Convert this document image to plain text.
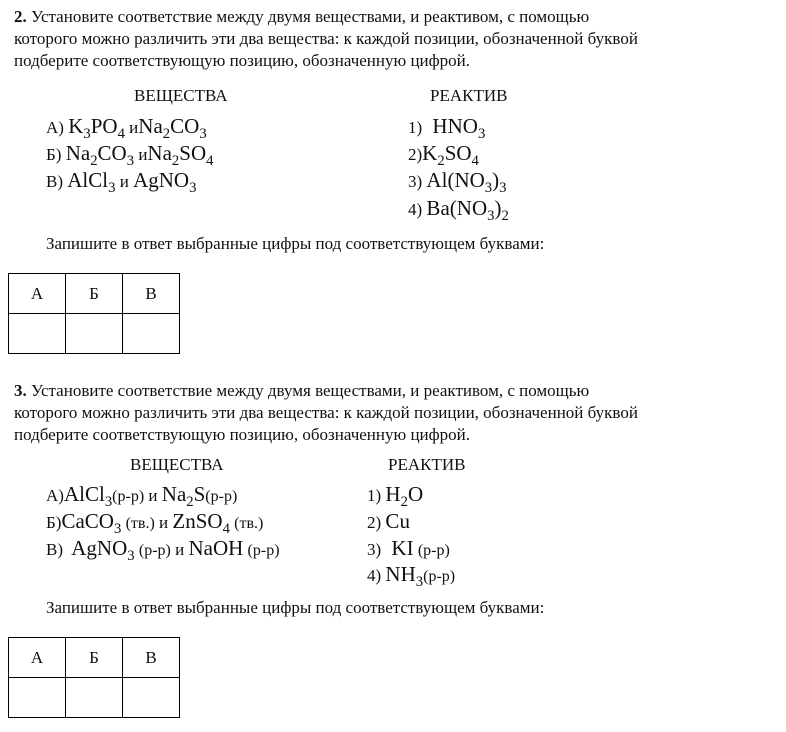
2. Установите соответствие между двумя веществами, и реактивом, с помощью
которого можно различить эти два вещества: к каждой позиции, обозначенной буквой
подберите соответствующую позицию, обозначенную цифрой.
ВЕЩЕСТВА	РЕАКТИВ
А) $K_3PO_4$ $иNa_2CO_3$
Б) $Na_2CO_3$ $иNa_2SO_4$
В) AlCl$_3$ и AgNO$_3$
1) $HNO_3$
$2)K_2SO_4$
3) $Al(NO_3)_3$
4) $Ba(NO_3)_2$
Запишите в ответ выбранные цифры под соответствующем буквами:
А	Б	В

3. Установите соответствие между двумя веществами, и реактивом, с помощью
которого можно различить эти два вещества: к каждой позиции, обозначенной буквой
подберите соответствующую позицию, обозначенную цифрой.
ВЕЩЕСТВА	РЕАКТИВ
А)AlCl$_3$(р-р) и $Na_2S(р-р)$
Б)CaCO$_3$ (тв.) и ZnSO$_4$ (тв.)
В) AgNO$_3$ (р-р) и NaOH (р-р)
1) $H_2O$
2) Cu
3) KI (р-р)
4) $NH_3(р-р)$
Запишите в ответ выбранные цифры под соответствующем буквами:
А	Б	В
